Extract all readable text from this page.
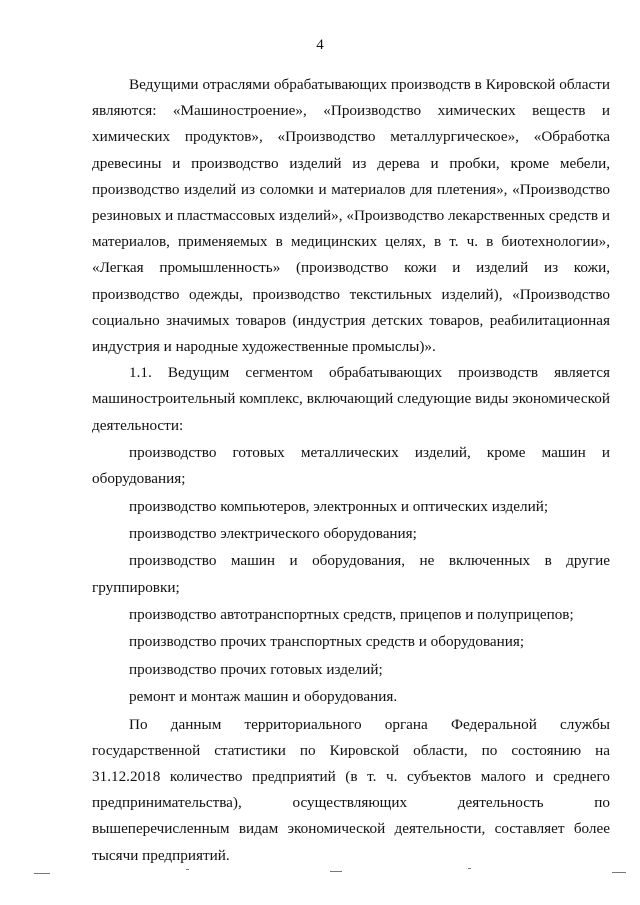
4

Ведущими отраслями обрабатывающих производств в Кировской области являются: «Машиностроение», «Производство химических веществ и химических продуктов», «Производство металлургическое», «Обработка древесины и производство изделий из дерева и пробки, кроме мебели, производство изделий из соломки и материалов для плетения», «Производство резиновых и пластмассовых изделий», «Производство лекарственных средств и материалов, применяемых в медицинских целях, в т. ч. в биотехнологии», «Легкая промышленность» (производство кожи и изделий из кожи, производство одежды, производство текстильных изделий), «Производство социально значимых товаров (индустрия детских товаров, реабилитационная индустрия и народные художественные промыслы)».

1.1. Ведущим сегментом обрабатывающих производств является машиностроительный комплекс, включающий следующие виды экономической деятельности:

производство готовых металлических изделий, кроме машин и оборудования;

производство компьютеров, электронных и оптических изделий;

производство электрического оборудования;

производство машин и оборудования, не включенных в другие группировки;

производство автотранспортных средств, прицепов и полуприцепов;

производство прочих транспортных средств и оборудования;

производство прочих готовых изделий;

ремонт и монтаж машин и оборудования.

По данным территориального органа Федеральной службы государственной статистики по Кировской области, по состоянию на 31.12.2018 количество предприятий (в т. ч. субъектов малого и среднего предпринимательства), осуществляющих деятельность по вышеперечисленным видам экономической деятельности, составляет более тысячи предприятий.
